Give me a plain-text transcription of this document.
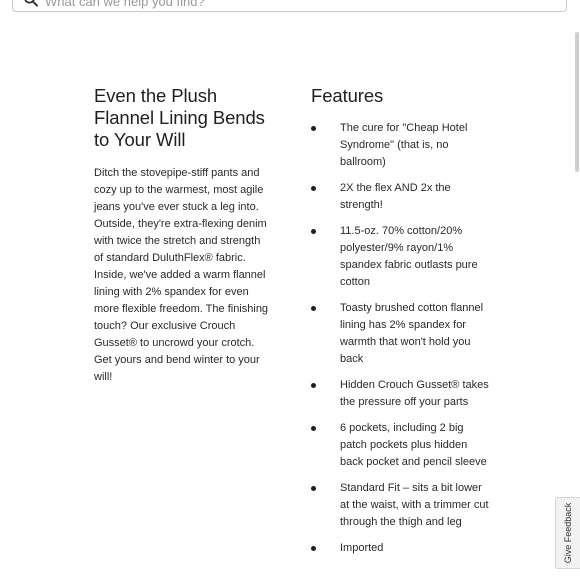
What can we help you find?
Even the Plush Flannel Lining Bends to Your Will

Ditch the stovepipe-stiff pants and cozy up to the warmest, most agile jeans you've ever stuck a leg into. Outside, they're extra-flexing denim with twice the stretch and strength of standard DuluthFlex® fabric. Inside, we've added a warm flannel lining with 2% spandex for even more flexible freedom. The finishing touch? Our exclusive Crouch Gusset® to uncrowd your crotch. Get yours and bend winter to your will!

Features
The cure for "Cheap Hotel Syndrome" (that is, no ballroom)
2X the flex AND 2x the strength!
11.5-oz. 70% cotton/20% polyester/9% rayon/1% spandex fabric outlasts pure cotton
Toasty brushed cotton flannel lining has 2% spandex for warmth that won't hold you back
Hidden Crouch Gusset® takes the pressure off your parts
6 pockets, including 2 big patch pockets plus hidden back pocket and pencil sleeve
Standard Fit – sits a bit lower at the waist, with a trimmer cut through the thigh and leg
Imported	Give Feedback
